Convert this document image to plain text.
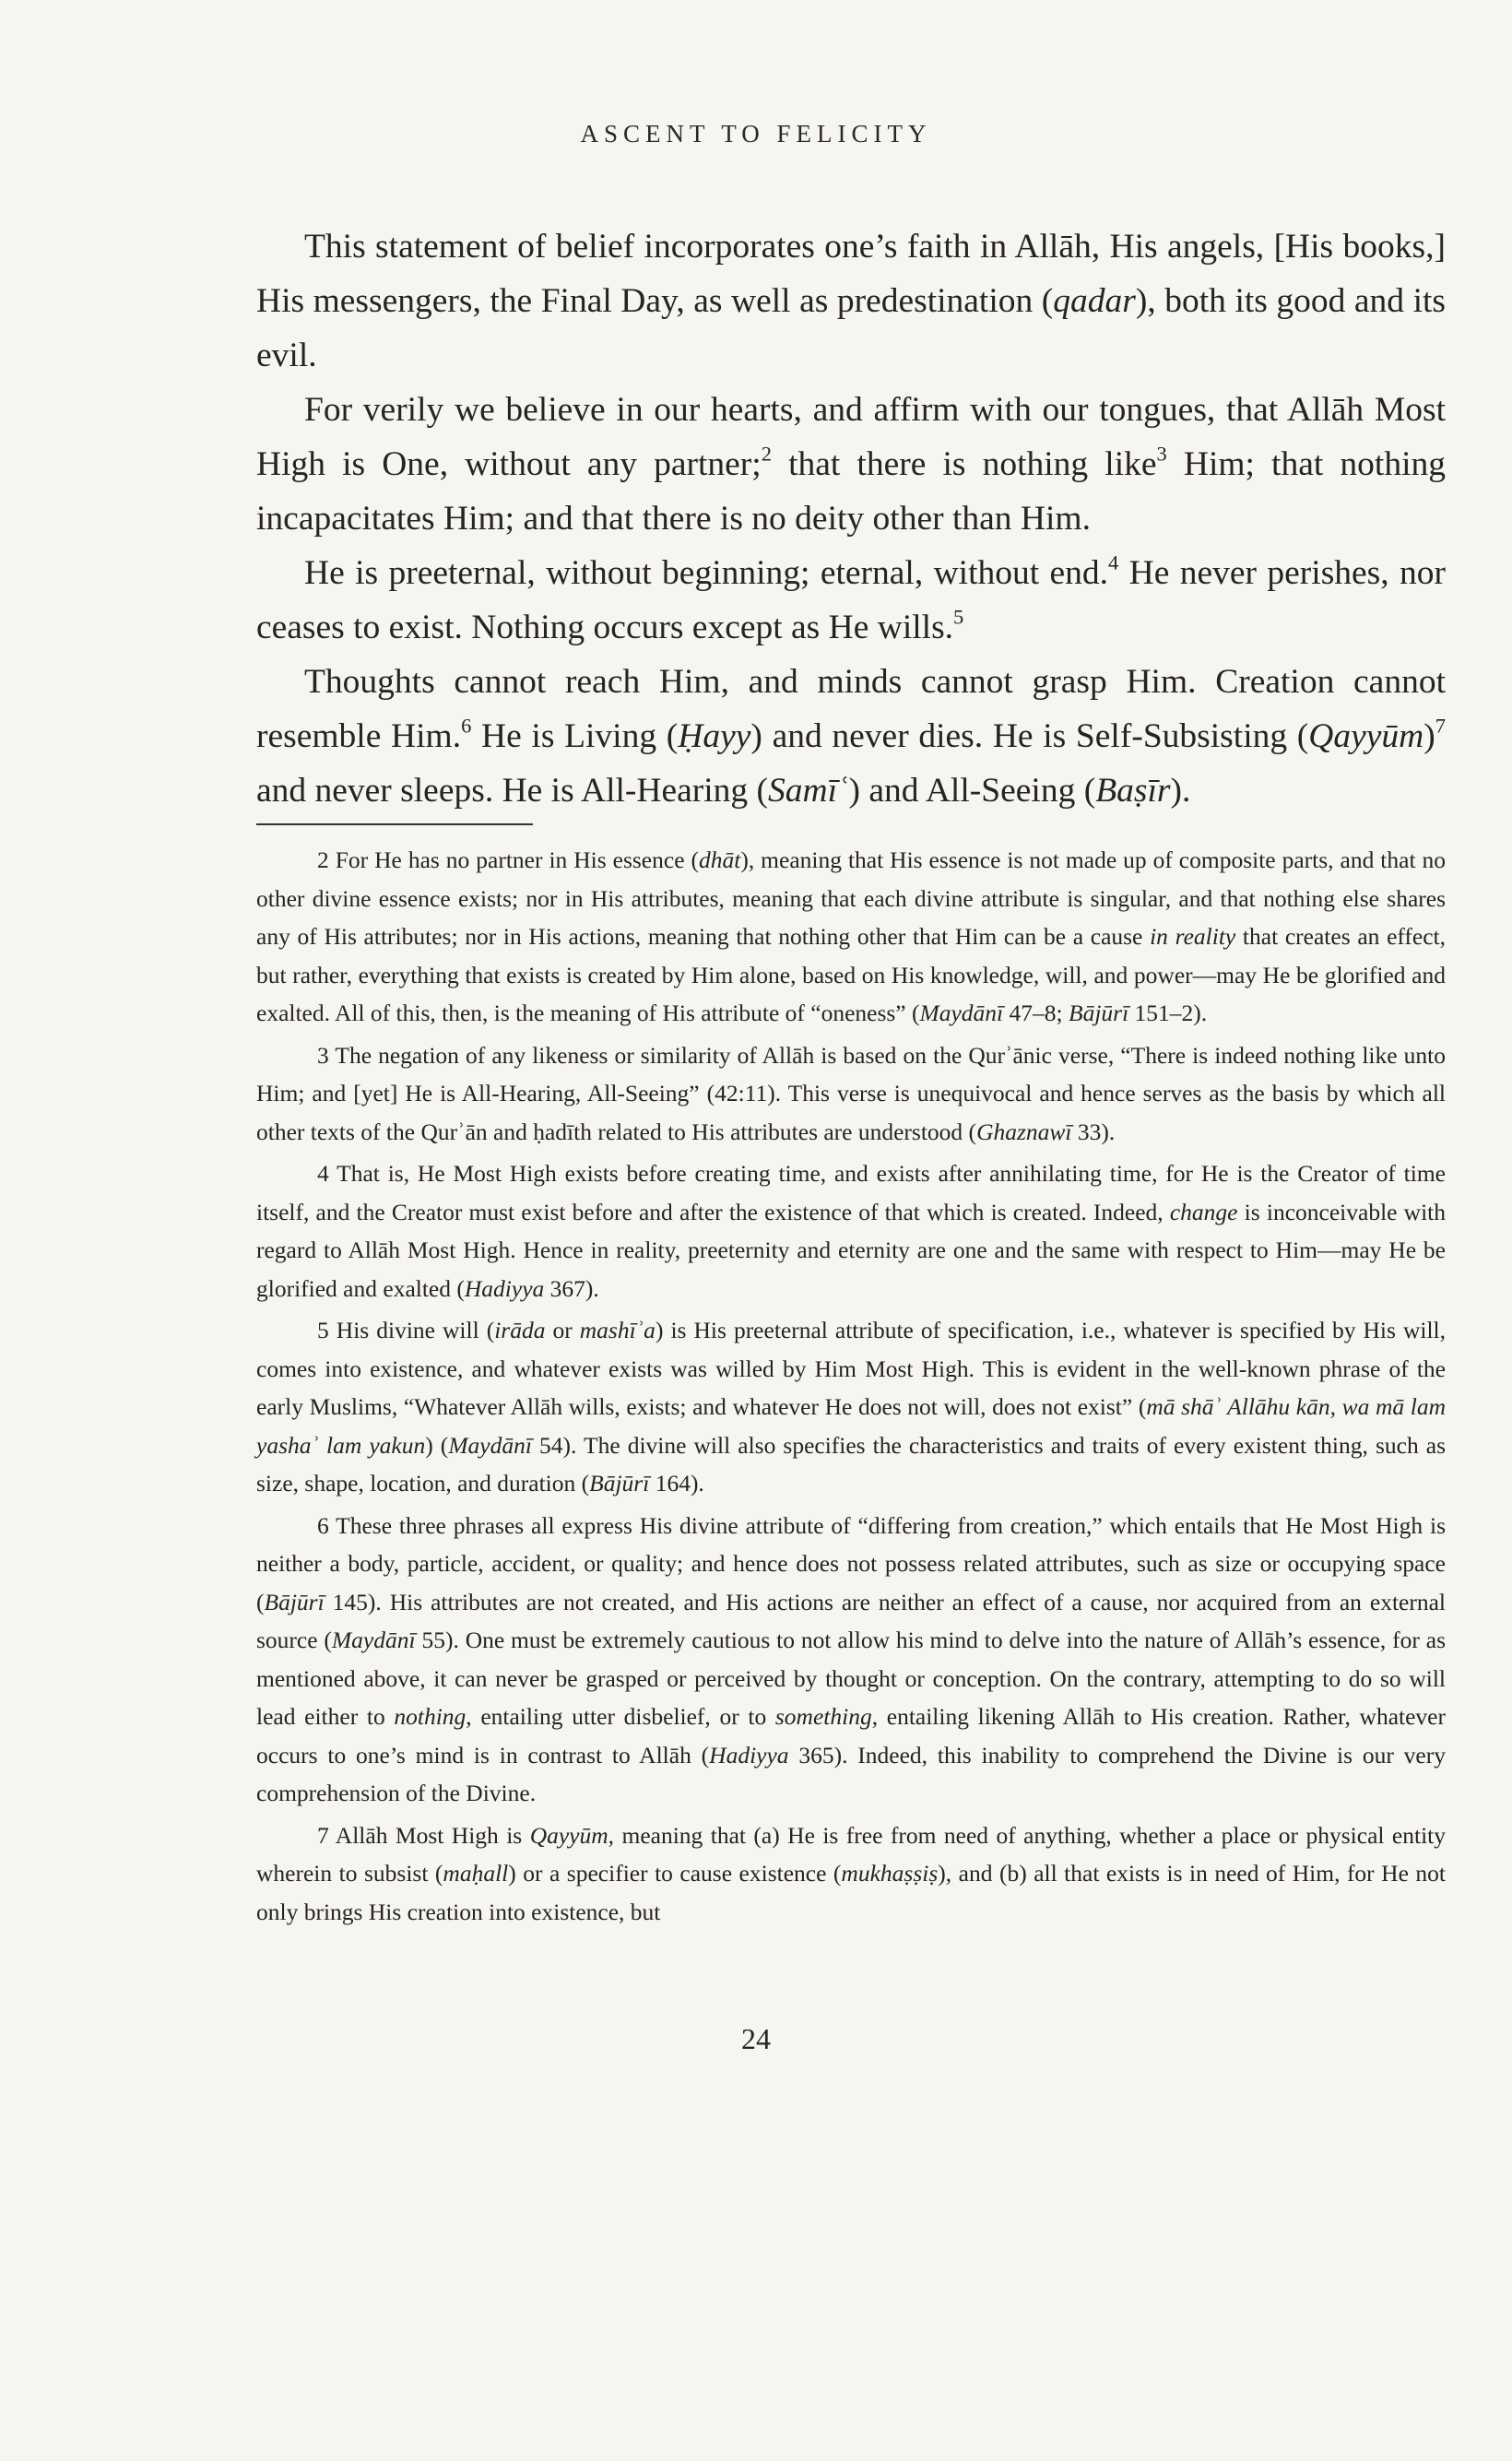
ASCENT TO FELICITY

This statement of belief incorporates one’s faith in Allāh, His angels, [His books,] His messengers, the Final Day, as well as predestination (qadar), both its good and its evil.

For verily we believe in our hearts, and affirm with our tongues, that Allāh Most High is One, without any partner;$^2$ that there is nothing like$^3$ Him; that nothing incapacitates Him; and that there is no deity other than Him.

He is preeternal, without beginning; eternal, without end.$^4$ He never perishes, nor ceases to exist. Nothing occurs except as He wills.$^5$

Thoughts cannot reach Him, and minds cannot grasp Him. Creation cannot resemble Him.$^6$ He is Living (Ḥayy) and never dies. He is Self-Subsisting (Qayyūm)$^7$ and never sleeps. He is All-Hearing (Samīʿ) and All-Seeing (Baṣīr).

2 For He has no partner in His essence (dhāt), meaning that His essence is not made up of composite parts, and that no other divine essence exists; nor in His attributes, meaning that each divine attribute is singular, and that nothing else shares any of His attributes; nor in His actions, meaning that nothing other that Him can be a cause in reality that creates an effect, but rather, everything that exists is created by Him alone, based on His knowledge, will, and power—may He be glorified and exalted. All of this, then, is the meaning of His attribute of “oneness” (Maydānī 47–8; Bājūrī 151–2).

3 The negation of any likeness or similarity of Allāh is based on the Qurʾānic verse, “There is indeed nothing like unto Him; and [yet] He is All-Hearing, All-Seeing” (42:11). This verse is unequivocal and hence serves as the basis by which all other texts of the Qurʾān and ḥadīth related to His attributes are understood (Ghaznawī 33).

4 That is, He Most High exists before creating time, and exists after annihilating time, for He is the Creator of time itself, and the Creator must exist before and after the existence of that which is created. Indeed, change is inconceivable with regard to Allāh Most High. Hence in reality, preeternity and eternity are one and the same with respect to Him—may He be glorified and exalted (Hadiyya 367).

5 His divine will (irāda or mashīʾa) is His preeternal attribute of specification, i.e., whatever is specified by His will, comes into existence, and whatever exists was willed by Him Most High. This is evident in the well-known phrase of the early Muslims, “Whatever Allāh wills, exists; and whatever He does not will, does not exist” (mā shāʾ Allāhu kān, wa mā lam yashaʾ lam yakun) (Maydānī 54). The divine will also specifies the characteristics and traits of every existent thing, such as size, shape, location, and duration (Bājūrī 164).

6 These three phrases all express His divine attribute of “differing from creation,” which entails that He Most High is neither a body, particle, accident, or quality; and hence does not possess related attributes, such as size or occupying space (Bājūrī 145). His attributes are not created, and His actions are neither an effect of a cause, nor acquired from an external source (Maydānī 55). One must be extremely cautious to not allow his mind to delve into the nature of Allāh’s essence, for as mentioned above, it can never be grasped or perceived by thought or conception. On the contrary, attempting to do so will lead either to nothing, entailing utter disbelief, or to something, entailing likening Allāh to His creation. Rather, whatever occurs to one’s mind is in contrast to Allāh (Hadiyya 365). Indeed, this inability to comprehend the Divine is our very comprehension of the Divine.

7 Allāh Most High is Qayyūm, meaning that (a) He is free from need of anything, whether a place or physical entity wherein to subsist (maḥall) or a specifier to cause existence (mukhaṣṣiṣ), and (b) all that exists is in need of Him, for He not only brings His creation into existence, but

24
